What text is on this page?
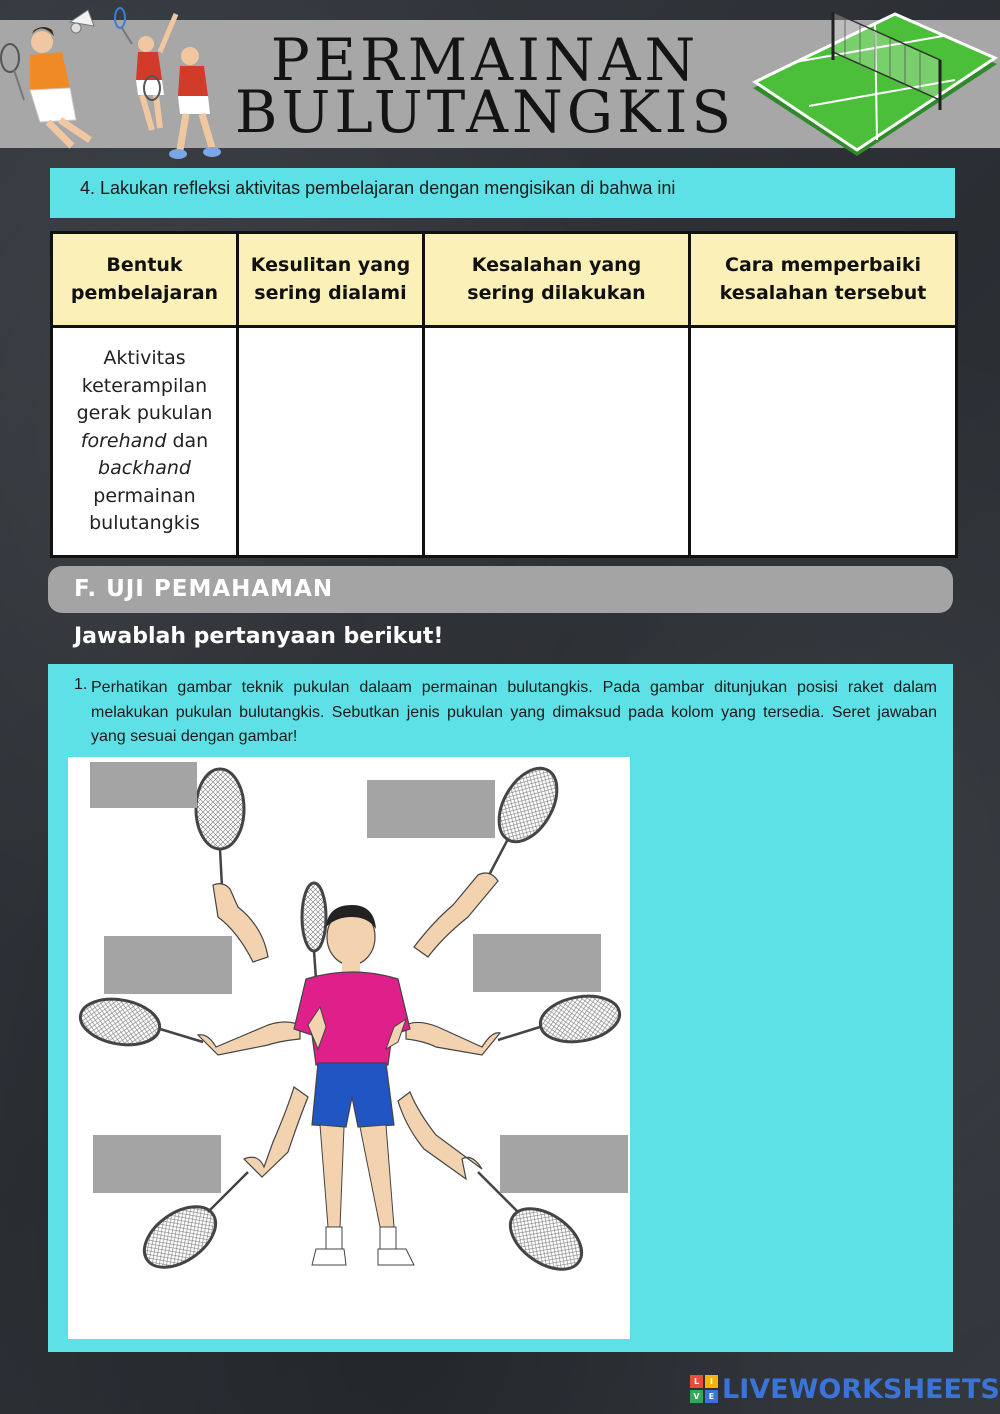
PERMAINAN
BULUTANGKIS
4. Lakukan refleksi aktivitas pembelajaran dengan mengisikan di bahwa ini
Bentuk pembelajaran	Kesulitan yang sering dialami	Kesalahan yang sering dilakukan	Cara memperbaiki kesalahan tersebut
Aktivitas keterampilan gerak pukulan forehand dan backhand permainan bulutangkis			
F. UJI PEMAHAMAN
Jawablah pertanyaan berikut!
1. Perhatikan gambar teknik pukulan dalaam permainan bulutangkis. Pada gambar ditunjukan posisi raket dalam melakukan pukulan bulutangkis. Sebutkan jenis pukulan yang dimaksud pada kolom yang tersedia. Seret jawaban yang sesuai dengan gambar!
L	I
V	E LIVEWORKSHEETS
